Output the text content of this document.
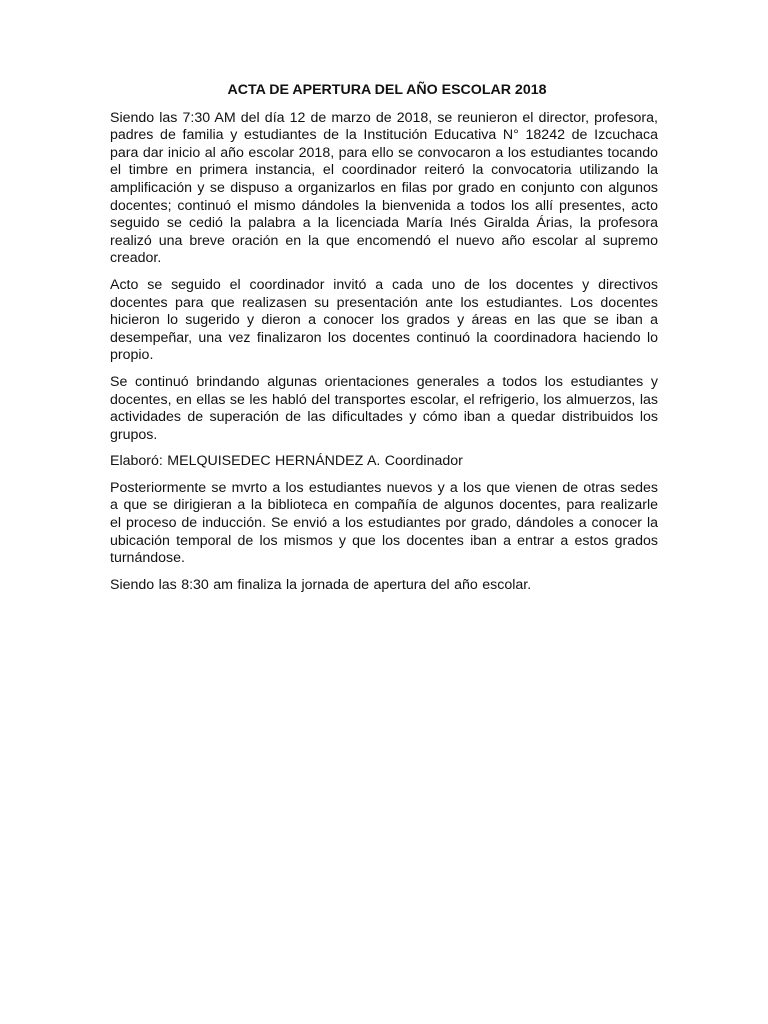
ACTA DE APERTURA DEL AÑO ESCOLAR 2018

Siendo las 7:30 AM del día 12 de marzo de 2018, se reunieron el director, profesora, padres de familia y estudiantes de la Institución Educativa N° 18242 de Izcuchaca para dar inicio al año escolar 2018, para ello se convocaron a los estudiantes tocando el timbre en primera instancia, el coordinador reiteró la convocatoria utilizando la amplificación y se dispuso a organizarlos en filas por grado en conjunto con algunos docentes; continuó el mismo dándoles la bienvenida a todos los allí presentes, acto seguido se cedió la palabra a la licenciada María Inés Giralda Árias, la profesora realizó una breve oración en la que encomendó el nuevo año escolar al supremo creador.

Acto se seguido el coordinador invitó a cada uno de los docentes y directivos docentes para que realizasen su presentación ante los estudiantes. Los docentes hicieron lo sugerido y dieron a conocer los grados y áreas en las que se iban a desempeñar, una vez finalizaron los docentes continuó la coordinadora haciendo lo propio.

Se continuó brindando algunas orientaciones generales a todos los estudiantes y docentes, en ellas se les habló del transportes escolar, el refrigerio, los almuerzos, las actividades de superación de las dificultades y cómo iban a quedar distribuidos los grupos.

Elaboró: MELQUISEDEC HERNÁNDEZ A. Coordinador

Posteriormente se mvrto a los estudiantes nuevos y a los que vienen de otras sedes a que se dirigieran a la biblioteca en compañía de algunos docentes, para realizarle el proceso de inducción. Se envió a los estudiantes por grado, dándoles a conocer la ubicación temporal de los mismos y que los docentes iban a entrar a estos grados turnándose.

Siendo las 8:30 am finaliza la jornada de apertura del año escolar.
